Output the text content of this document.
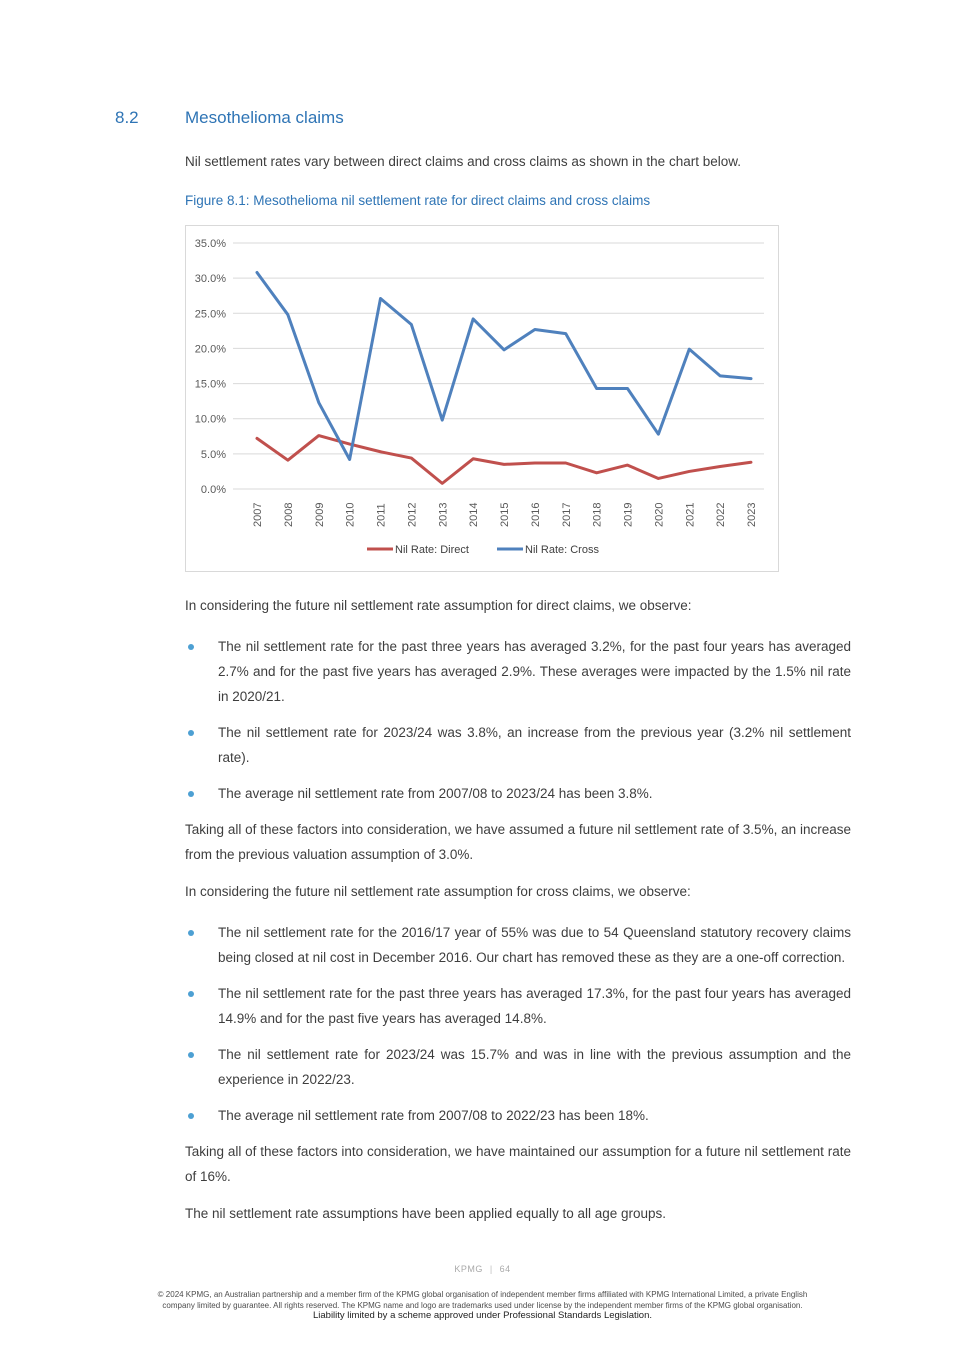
8.2	Mesothelioma claims

Nil settlement rates vary between direct claims and cross claims as shown in the chart below.

Figure 8.1: Mesothelioma nil settlement rate for direct claims and cross claims

0.0%
5.0%
10.0%
15.0%
20.0%
25.0%
30.0%
35.0%
2007 2008 2009 2010 2011 2012 2013 2014 2015 2016 2017 2018 2019 2020 2021 2022 2023
Nil Rate: Direct	Nil Rate: Cross

In considering the future nil settlement rate assumption for direct claims, we observe:

The nil settlement rate for the past three years has averaged 3.2%, for the past four years has averaged 2.7% and for the past five years has averaged 2.9%. These averages were impacted by the 1.5% nil rate in 2020/21.
The nil settlement rate for 2023/24 was 3.8%, an increase from the previous year (3.2% nil settlement rate).
The average nil settlement rate from 2007/08 to 2023/24 has been 3.8%.

Taking all of these factors into consideration, we have assumed a future nil settlement rate of 3.5%, an increase from the previous valuation assumption of 3.0%.

In considering the future nil settlement rate assumption for cross claims, we observe:

The nil settlement rate for the 2016/17 year of 55% was due to 54 Queensland statutory recovery claims being closed at nil cost in December 2016. Our chart has removed these as they are a one-off correction.
The nil settlement rate for the past three years has averaged 17.3%, for the past four years has averaged 14.9% and for the past five years has averaged 14.8%.
The nil settlement rate for 2023/24 was 15.7% and was in line with the previous assumption and the experience in 2022/23.
The average nil settlement rate from 2007/08 to 2022/23 has been 18%.

Taking all of these factors into consideration, we have maintained our assumption for a future nil settlement rate of 16%.

The nil settlement rate assumptions have been applied equally to all age groups.

KPMG | 64
© 2024 KPMG, an Australian partnership and a member firm of the KPMG global organisation of independent member firms affiliated with KPMG International Limited, a private English
company limited by guarantee. All rights reserved. The KPMG name and logo are trademarks used under license by the independent member firms of the KPMG global organisation.
Liability limited by a scheme approved under Professional Standards Legislation.
